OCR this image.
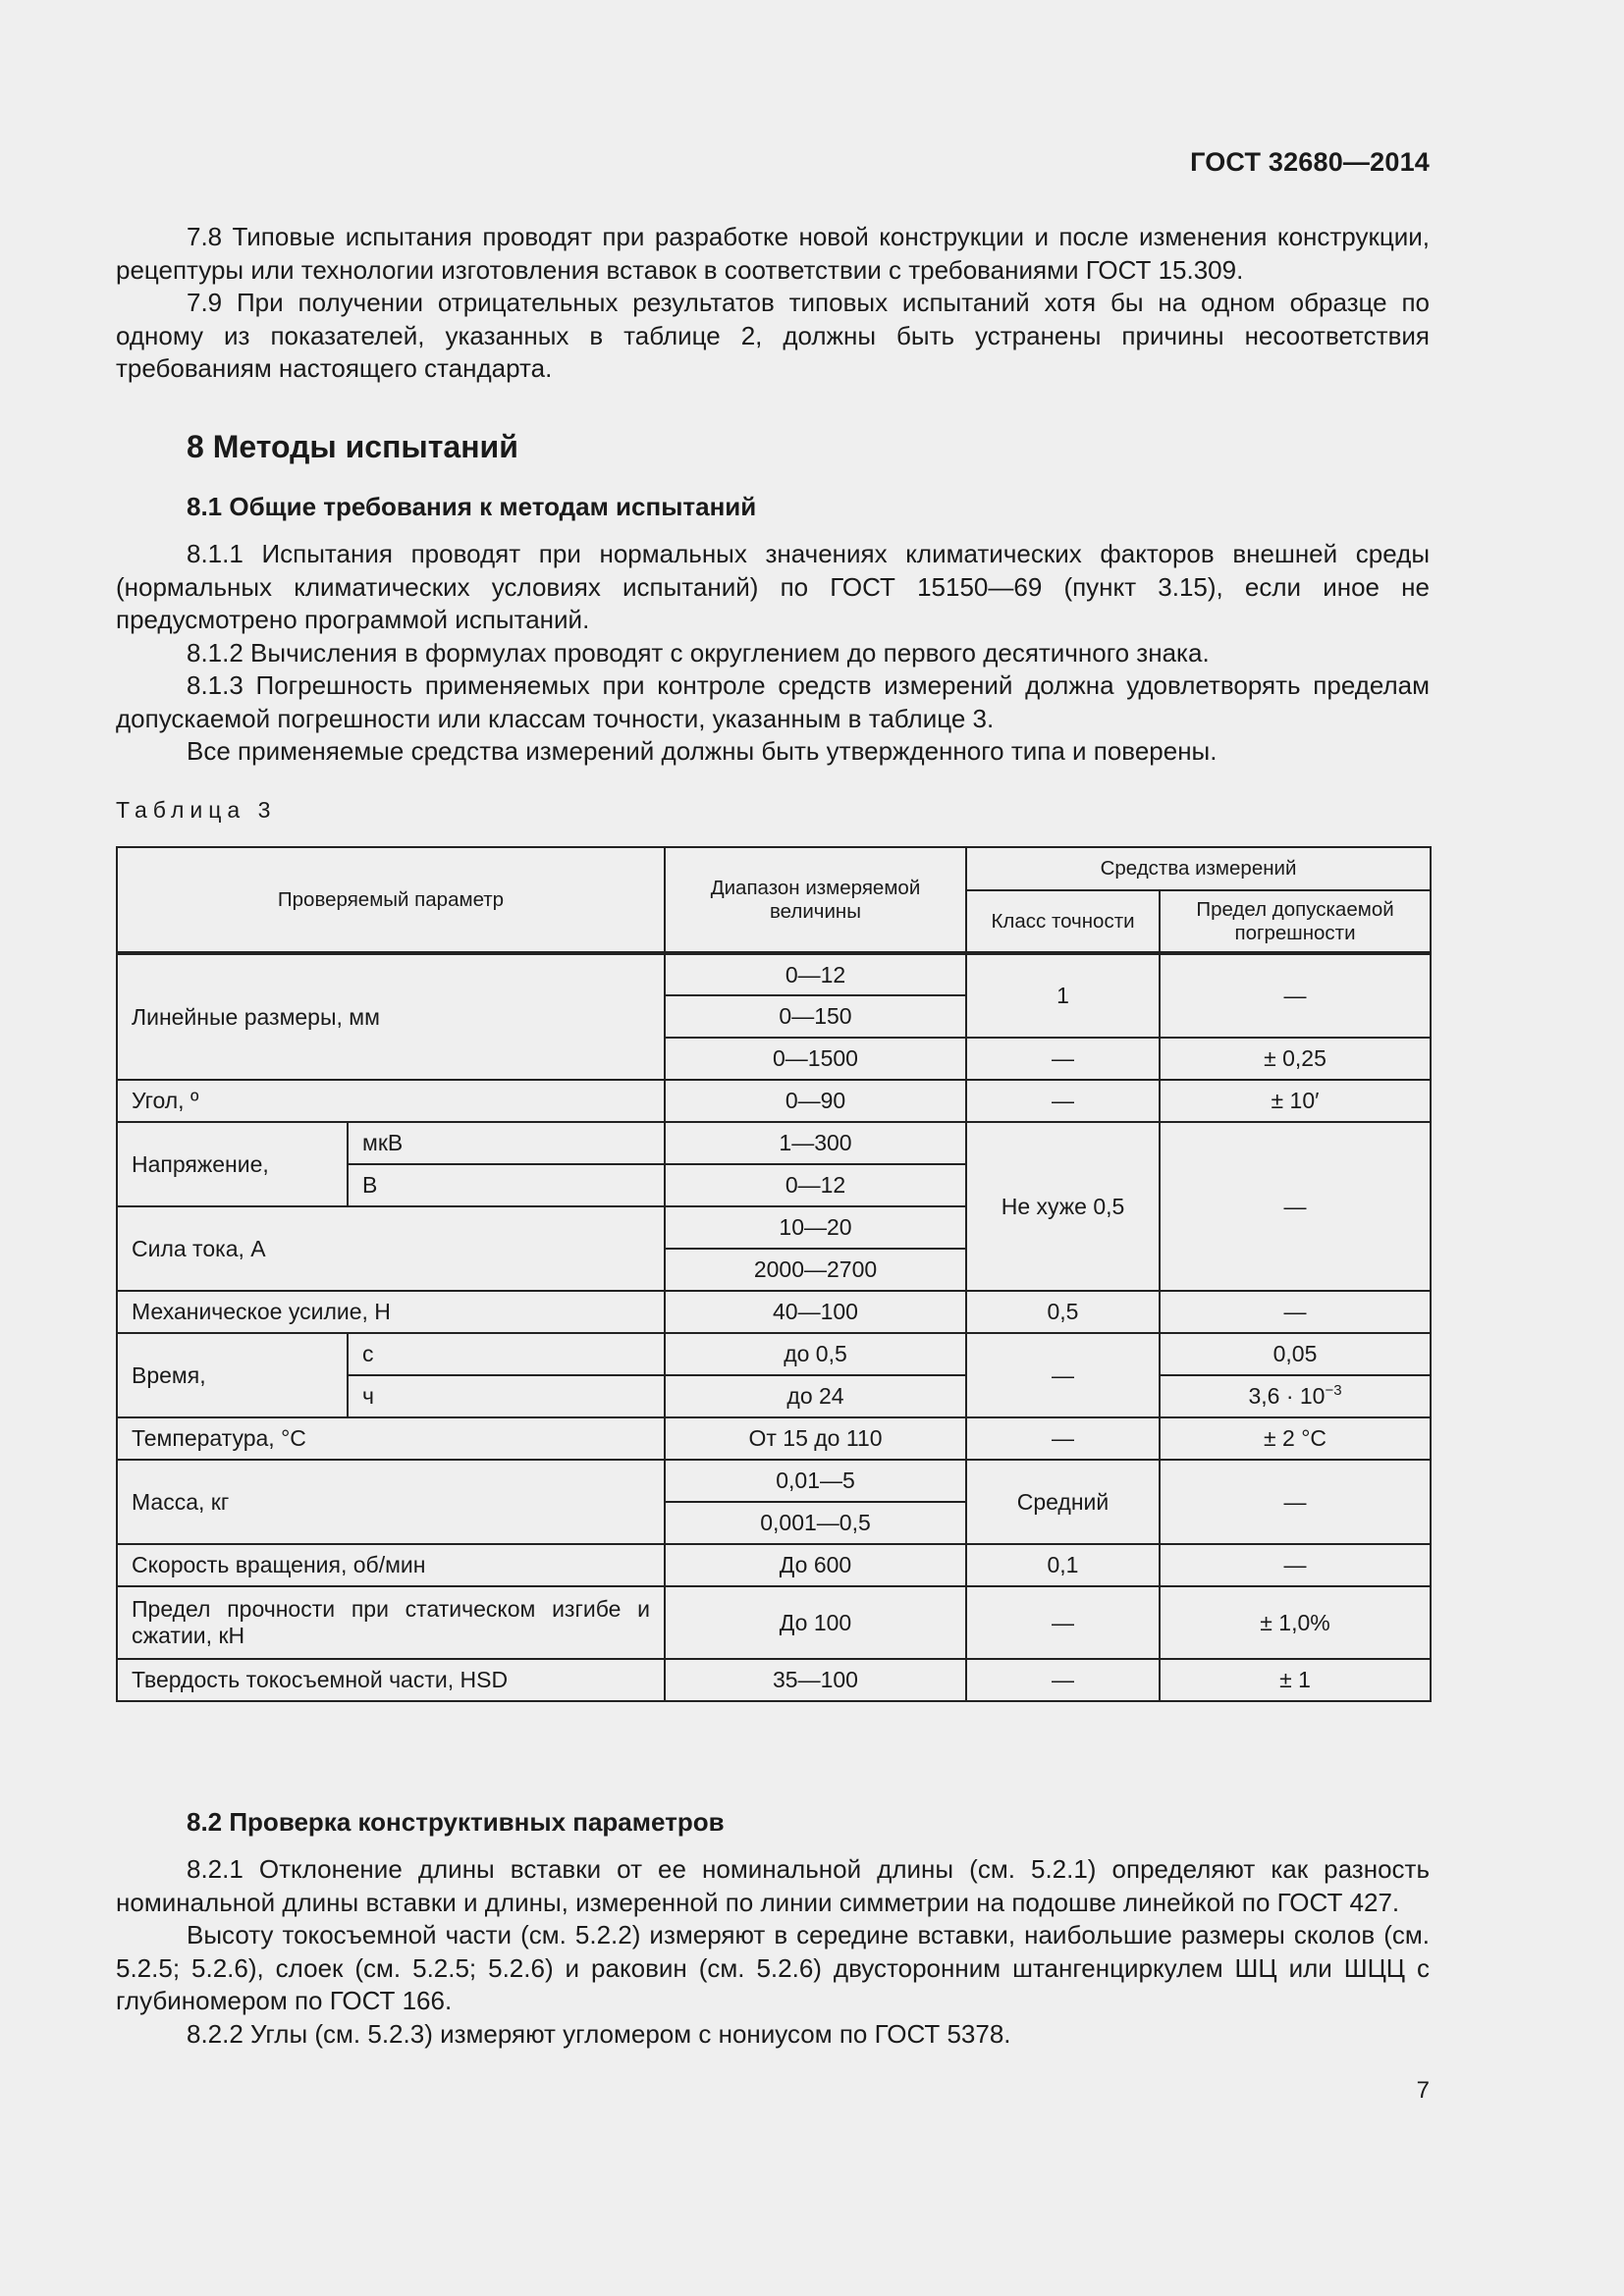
ГОСТ 32680—2014

7.8 Типовые испытания проводят при разработке новой конструкции и после изменения конструкции, рецептуры или технологии изготовления вставок в соответствии с требованиями ГОСТ 15.309.

7.9 При получении отрицательных результатов типовых испытаний хотя бы на одном образце по одному из показателей, указанных в таблице 2, должны быть устранены причины несоответствия требованиям настоящего стандарта.

8 Методы испытаний
8.1 Общие требования к методам испытаний

8.1.1 Испытания проводят при нормальных значениях климатических факторов внешней среды (нормальных климатических условиях испытаний) по ГОСТ 15150—69 (пункт 3.15), если иное не предусмотрено программой испытаний.

8.1.2 Вычисления в формулах проводят с округлением до первого десятичного знака.

8.1.3 Погрешность применяемых при контроле средств измерений должна удовлетворять пределам допускаемой погрешности или классам точности, указанным в таблице 3.

Все применяемые средства измерений должны быть утвержденного типа и поверены.

Таблица 3
Проверяемый параметр		Диапазон измеряемой величины	Средства измерений	
			Класс точности	Предел допускаемой погрешности
Линейные размеры, мм		0—12	1	—
		0—150		
		0—1500	—	± 0,25
Угол, º		0—90	—	± 10′
Напряжение,	мкВ	1—300	Не хуже 0,5	—
	В	0—12		
Сила тока, А		10—20		
		2000—2700		
Механическое усилие, Н		40—100	0,5	—
Время,	с	до 0,5	—	0,05
	ч	до 24		$3,6 \cdot 10^{-3}$
Температура, °С		От 15 до 110	—	± 2 °С
Масса, кг		0,01—5	Средний	—
		0,001—0,5		
Скорость вращения, об/мин		До 600	0,1	—
Предел прочности при статическом изгибе и сжатии, кН		До 100	—	± 1,0%
Твердость токосъемной части, HSD		35—100	—	± 1
8.2 Проверка конструктивных параметров

8.2.1 Отклонение длины вставки от ее номинальной длины (см. 5.2.1) определяют как разность номинальной длины вставки и длины, измеренной по линии симметрии на подошве линейкой по ГОСТ 427.

Высоту токосъемной части (см. 5.2.2) измеряют в середине вставки, наибольшие размеры сколов (см. 5.2.5; 5.2.6), слоек (см. 5.2.5; 5.2.6) и раковин (см. 5.2.6) двусторонним штангенциркулем ШЦ или ШЦЦ с глубиномером по ГОСТ 166.

8.2.2 Углы (см. 5.2.3) измеряют угломером с нониусом по ГОСТ 5378.

7
